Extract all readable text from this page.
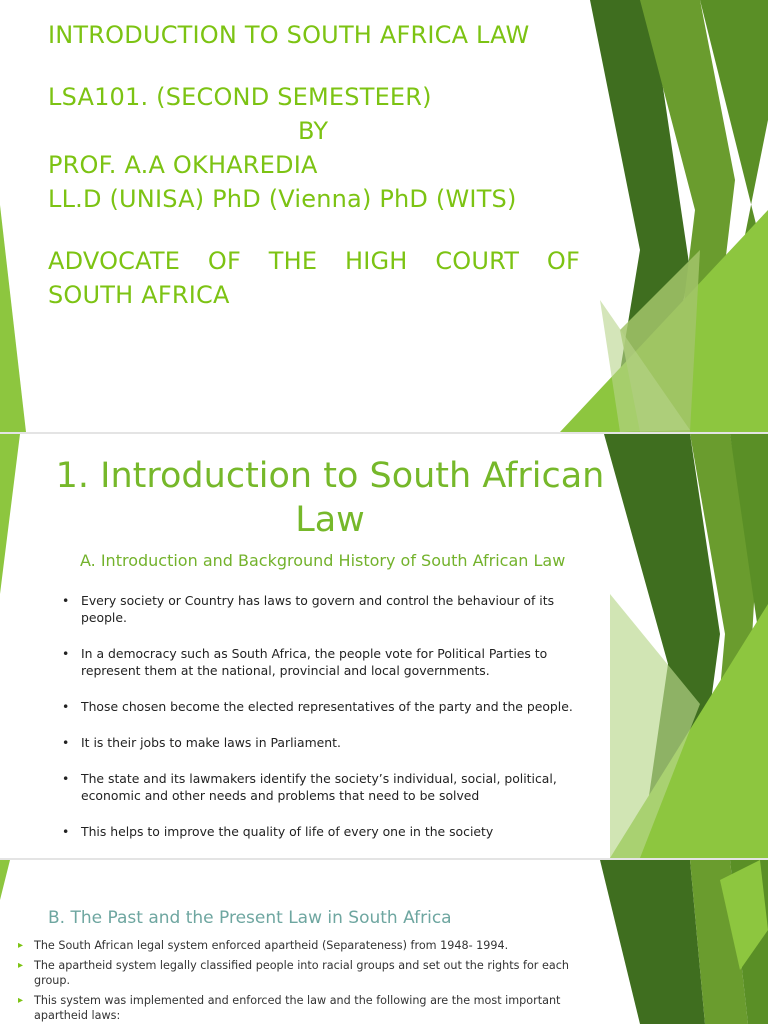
INTRODUCTION TO SOUTH AFRICA LAW

LSA101. (SECOND SEMESTEER)

BY

PROF. A.A OKHAREDIA

LL.D (UNISA) PhD (Vienna) PhD (WITS)

ADVOCATE OF THE HIGH COURT OF

SOUTH AFRICA

1. Introduction to South African
Law
A. Introduction and Background History of South African Law
• Every society or Country has laws to govern and control the behaviour of its people.
• In a democracy such as South Africa, the people vote for Political Parties to represent them at the national, provincial and local governments.
• Those chosen become the elected representatives of the party and the people.
• It is their jobs to make laws in Parliament.
• The state and its lawmakers identify the society’s individual, social, political, economic and other needs and problems that need to be solved
• This helps to improve the quality of life of every one in the society
B. The Past and the Present Law in South Africa
▸ The South African legal system enforced apartheid (Separateness) from 1948- 1994.
▸ The apartheid system legally classified people into racial groups and set out the rights for each group.
▸ This system was implemented and enforced the law and the following are the most important apartheid laws:
